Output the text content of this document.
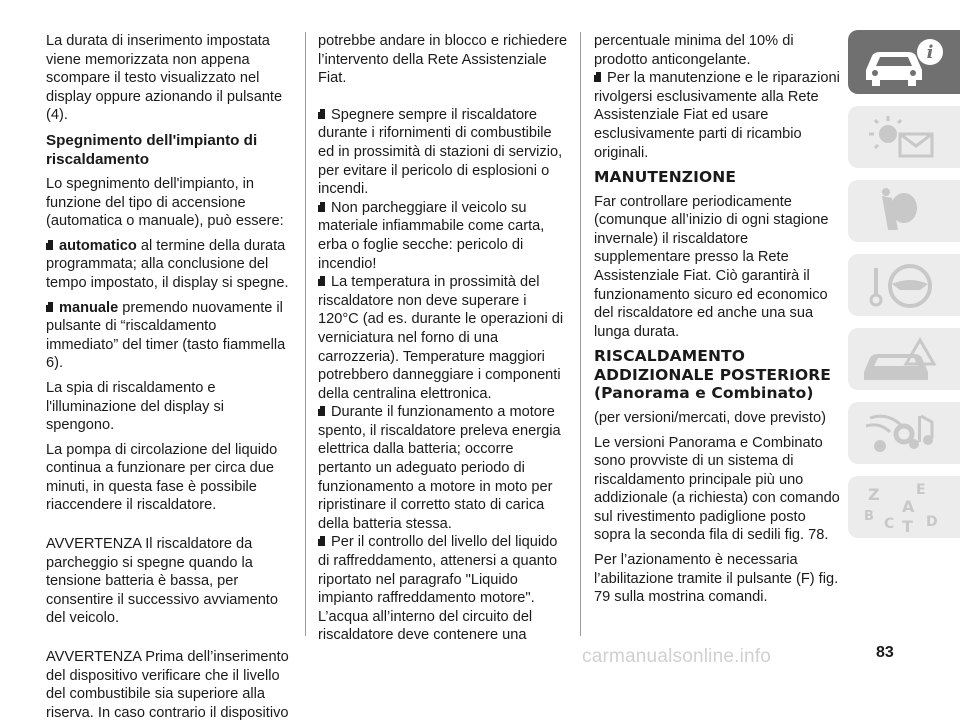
La durata di inserimento impostata viene memorizzata non appena scompare il testo visualizzato nel display oppure azionando il pulsante (4).

Spegnimento dell'impianto di riscaldamento

Lo spegnimento dell'impianto, in funzione del tipo di accensione (automatica o manuale), può essere:

automatico al termine della durata programmata; alla conclusione del tempo impostato, il display si spegne.

manuale premendo nuovamente il pulsante di “riscaldamento immediato” del timer (tasto fiammella 6).

La spia di riscaldamento e l'illuminazione del display si spengono.

La pompa di circolazione del liquido continua a funzionare per circa due minuti, in questa fase è possibile riaccendere il riscaldatore.

AVVERTENZA Il riscaldatore da parcheggio si spegne quando la tensione batteria è bassa, per consentire il successivo avviamento del veicolo.

AVVERTENZA Prima dell’inserimento del dispositivo verificare che il livello del combustibile sia superiore alla riserva. In caso contrario il dispositivo

potrebbe andare in blocco e richiedere l’intervento della Rete Assistenziale Fiat.

Spegnere sempre il riscaldatore durante i rifornimenti di combustibile ed in prossimità di stazioni di servizio, per evitare il pericolo di esplosioni o incendi.

Non parcheggiare il veicolo su materiale infiammabile come carta, erba o foglie secche: pericolo di incendio!

La temperatura in prossimità del riscaldatore non deve superare i 120°C (ad es. durante le operazioni di verniciatura nel forno di una carrozzeria). Temperature maggiori potrebbero danneggiare i componenti della centralina elettronica.

Durante il funzionamento a motore spento, il riscaldatore preleva energia elettrica dalla batteria; occorre pertanto un adeguato periodo di funzionamento a motore in moto per ripristinare il corretto stato di carica della batteria stessa.

Per il controllo del livello del liquido di raffreddamento, attenersi a quanto riportato nel paragrafo "Liquido impianto raffreddamento motore". L’acqua all’interno del circuito del riscaldatore deve contenere una

percentuale minima del 10% di prodotto anticongelante.

Per la manutenzione e le riparazioni rivolgersi esclusivamente alla Rete Assistenziale Fiat ed usare esclusivamente parti di ricambio originali.

MANUTENZIONE

Far controllare periodicamente (comunque all’inizio di ogni stagione invernale) il riscaldatore supplementare presso la Rete Assistenziale Fiat. Ciò garantirà il funzionamento sicuro ed economico del riscaldatore ed anche una sua lunga durata.

RISCALDAMENTO ADDIZIONALE POSTERIORE (Panorama e Combinato)

(per versioni/mercati, dove previsto)

Le versioni Panorama e Combinato sono provviste di un sistema di riscaldamento principale più uno addizionale (a richiesta) con comando sul rivestimento padiglione posto sopra la seconda fila di sedili fig. 78.

Per l’azionamento è necessaria l’abilitazione tramite il pulsante (F) fig. 79 sulla mostrina comandi.

i
Z	E
A
B C T D
carmanualsonline.info	83
